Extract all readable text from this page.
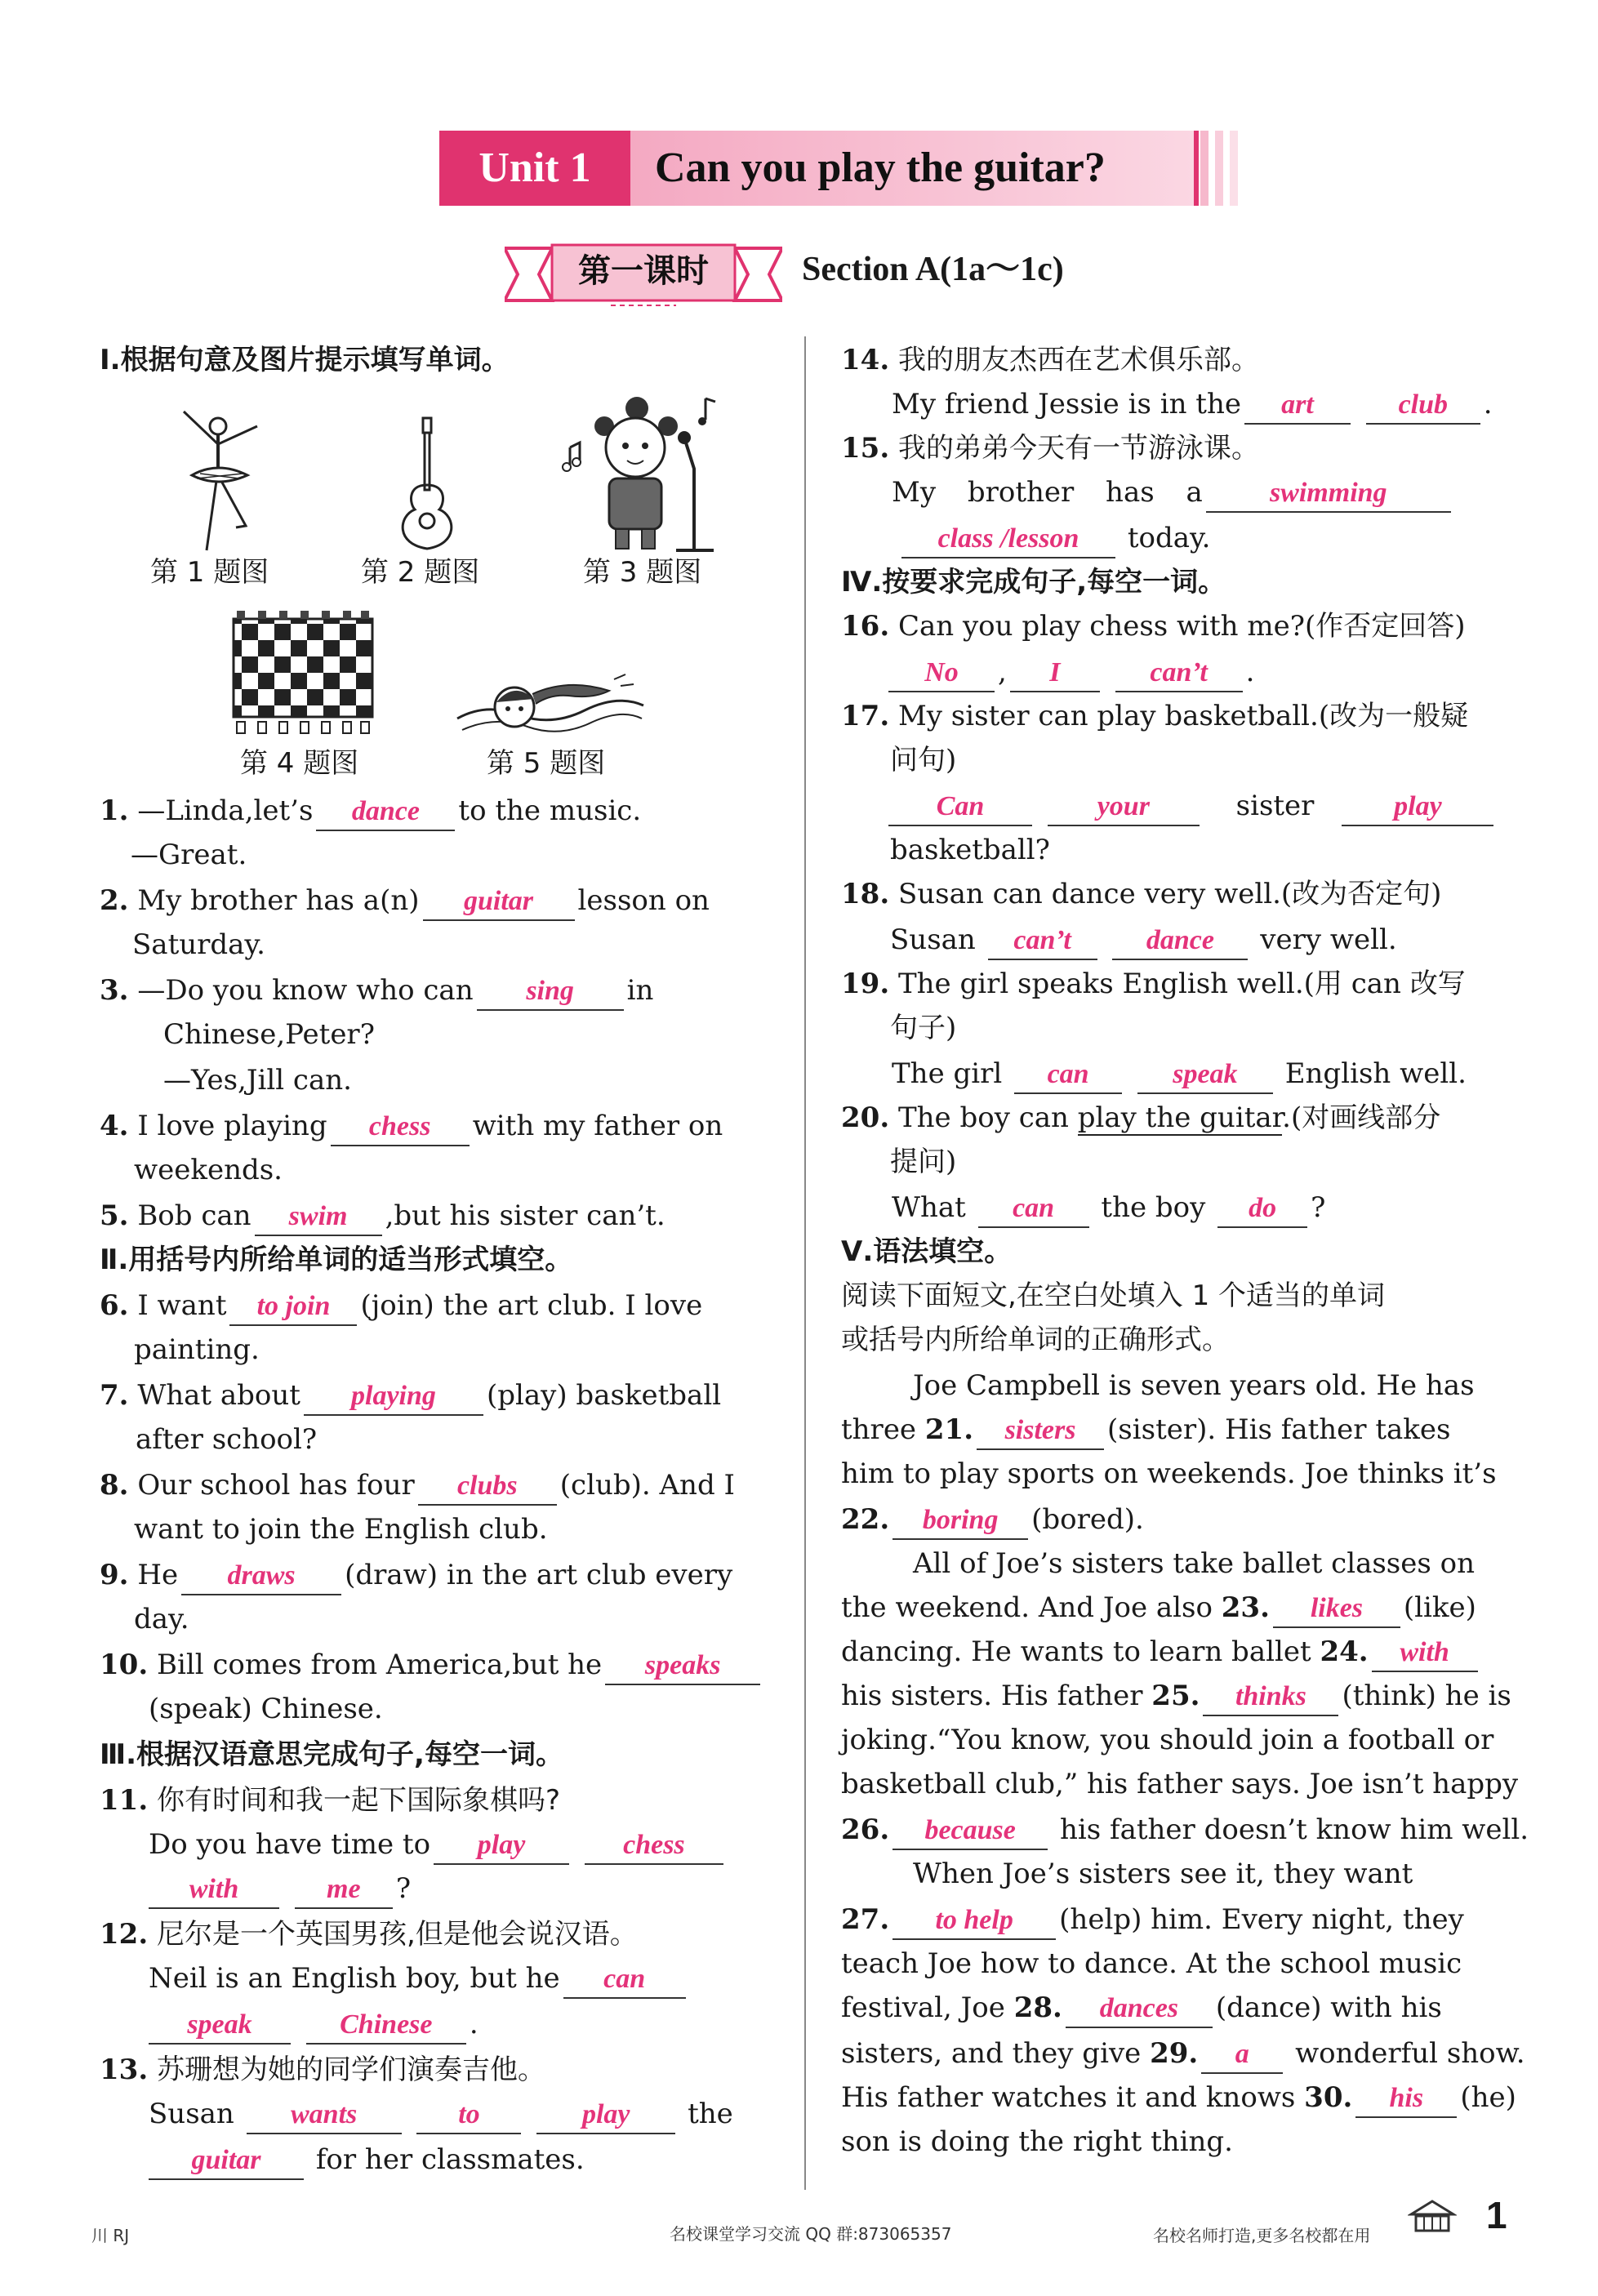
Unit 1	Can you play the guitar?
第一课时	Section A(1a～1c)
Ⅰ.根据句意及图片提示填写单词。
第 1 题图	第 2 题图	第 3 题图
第 4 题图	第 5 题图
1. —Linda,let’s dance to the music.
—Great.
2. My brother has a(n) guitar lesson on
Saturday.
3. —Do you know who can sing in
Chinese,Peter?
—Yes,Jill can.
4. I love playing chess with my father on
weekends.
5. Bob can swim ,but his sister can’t.
Ⅱ.用括号内所给单词的适当形式填空。
6. I want to join (join) the art club. I love
painting.
7. What about playing (play) basketball
after school?
8. Our school has four clubs (club). And I
want to join the English club.
9. He draws (draw) in the art club every
day.
10. Bill comes from America,but he speaks
(speak) Chinese.
Ⅲ.根据汉语意思完成句子,每空一词。
11. 你有时间和我一起下国际象棋吗?
Do you have time to play	chess
with	me ?
12. 尼尔是一个英国男孩,但是他会说汉语。
Neil is an English boy, but he can
speak	Chinese .
13. 苏珊想为她的同学们演奏吉他。
Susan wants	to	play the
guitar for her classmates.
14. 我的朋友杰西在艺术俱乐部。
My friend Jessie is in the art	club .
15. 我的弟弟今天有一节游泳课。
My brother has a swimming
class /lesson today.
Ⅳ.按要求完成句子,每空一词。
16. Can you play chess with me?(作否定回答)
No , I	can’t .
17. My sister can play basketball.(改为一般疑
问句)
Can	your	sister	play
basketball?
18. Susan can dance very well.(改为否定句)
Susan can’t	dance very well.
19. The girl speaks English well.(用 can 改写
句子)
The girl can	speak English well.
20. The boy can play the guitar.(对画线部分
提问)
What can the boy do ?
Ⅴ.语法填空。
阅读下面短文,在空白处填入 1 个适当的单词
或括号内所给单词的正确形式。
Joe Campbell is seven years old. He has
three 21. sisters (sister). His father takes
him to play sports on weekends. Joe thinks it’s
22. boring (bored).
All of Joe’s sisters take ballet classes on
the weekend. And Joe also 23. likes (like)
dancing. He wants to learn ballet 24. with
his sisters. His father 25. thinks (think) he is
joking.“You know, you should join a football or
basketball club,” his father says. Joe isn’t happy
26. because his father doesn’t know him well.
When Joe’s sisters see it, they want
27. to help (help) him. Every night, they
teach Joe how to dance. At the school music
festival, Joe 28. dances (dance) with his
sisters, and they give 29. a wonderful show.
His father watches it and knows 30. his (he)
son is doing the right thing.
川 RJ	名校课堂学习交流 QQ 群:873065357	名校名师打造,更多名校都在用	1
